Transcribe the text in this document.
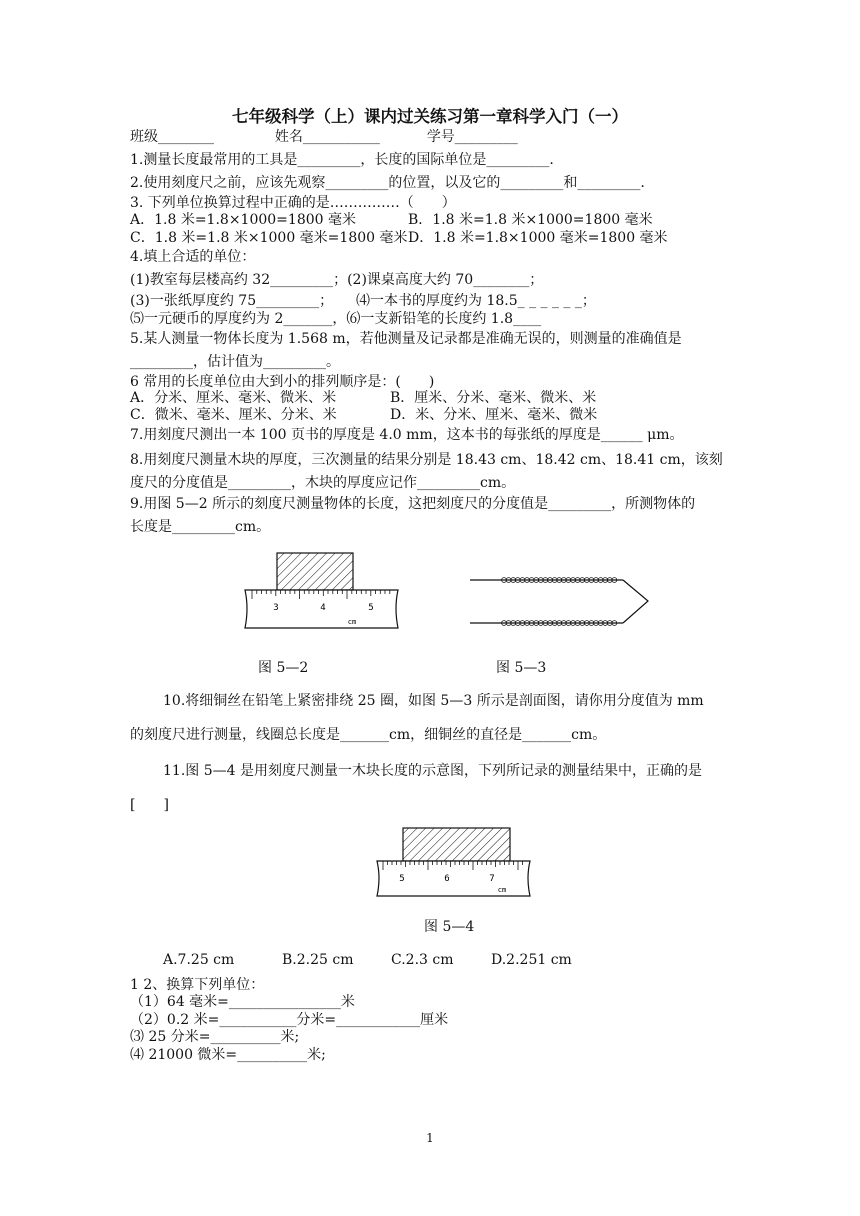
七年级科学（上）课内过关练习第一章科学入门（一）
班级________	姓名___________	学号_________
1.测量长度最常用的工具是_________，长度的国际单位是_________.
2.使用刻度尺之前，应该先观察_________的位置，以及它的_________和_________.
3. 下列单位换算过程中正确的是……………（　　）
A．1.8 米=1.8×1000=1800 毫米	B．1.8 米=1.8 米×1000=1800 毫米
C．1.8 米=1.8 米×1000 毫米=1800 毫米 D．1.8 米=1.8×1000 毫米=1800 毫米
4.填上合适的单位：
(1)教室每层楼高约 32_________；(2)课桌高度大约 70________；
(3)一张纸厚度约 75_________； ⑷一本书的厚度约为 18.5_ _ _ _ _ _；
⑸一元硬币的厚度约为 2_______，⑹一支新铅笔的长度约 1.8____
5.某人测量一物体长度为 1.568 m，若他测量及记录都是准确无误的，则测量的准确值是
_________，估计值为_________。
6 常用的长度单位由大到小的排列顺序是：(　　)
A．分米、厘米、毫米、微米、米	B．厘米、分米、毫米、微米、米
C．微米、毫米、厘米、分米、米	D．米、分米、厘米、毫米、微米
7.用刻度尺测出一本 100 页书的厚度是 4.0 mm，这本书的每张纸的厚度是______ μm。
8.用刻度尺测量木块的厚度，三次测量的结果分别是 18.43 cm、18.42 cm、18.41 cm，该刻
度尺的分度值是_________，木块的厚度应记作_________cm。
9.用图 5—2 所示的刻度尺测量物体的长度，这把刻度尺的分度值是_________，所测物体的
长度是_________cm。
3	4	5
cm
图 5—2	图 5—3
10.将细铜丝在铅笔上紧密排绕 25 圈，如图 5—3 所示是剖面图，请你用分度值为 mm
的刻度尺进行测量，线圈总长度是_______cm，细铜丝的直径是_______cm。
11.图 5—4 是用刻度尺测量一木块长度的示意图，下列所记录的测量结果中，正确的是
[　　]
5	6	7
cm
图 5—4
A.7.25 cm	B.2.25 cm	C.2.3 cm	D.2.251 cm
1 2、换算下列单位：
（1）64 毫米=________________米
（2）0.2 米=___________分米=____________厘米
⑶ 25 分米=__________米;
⑷ 21000 微米=__________米;
1
